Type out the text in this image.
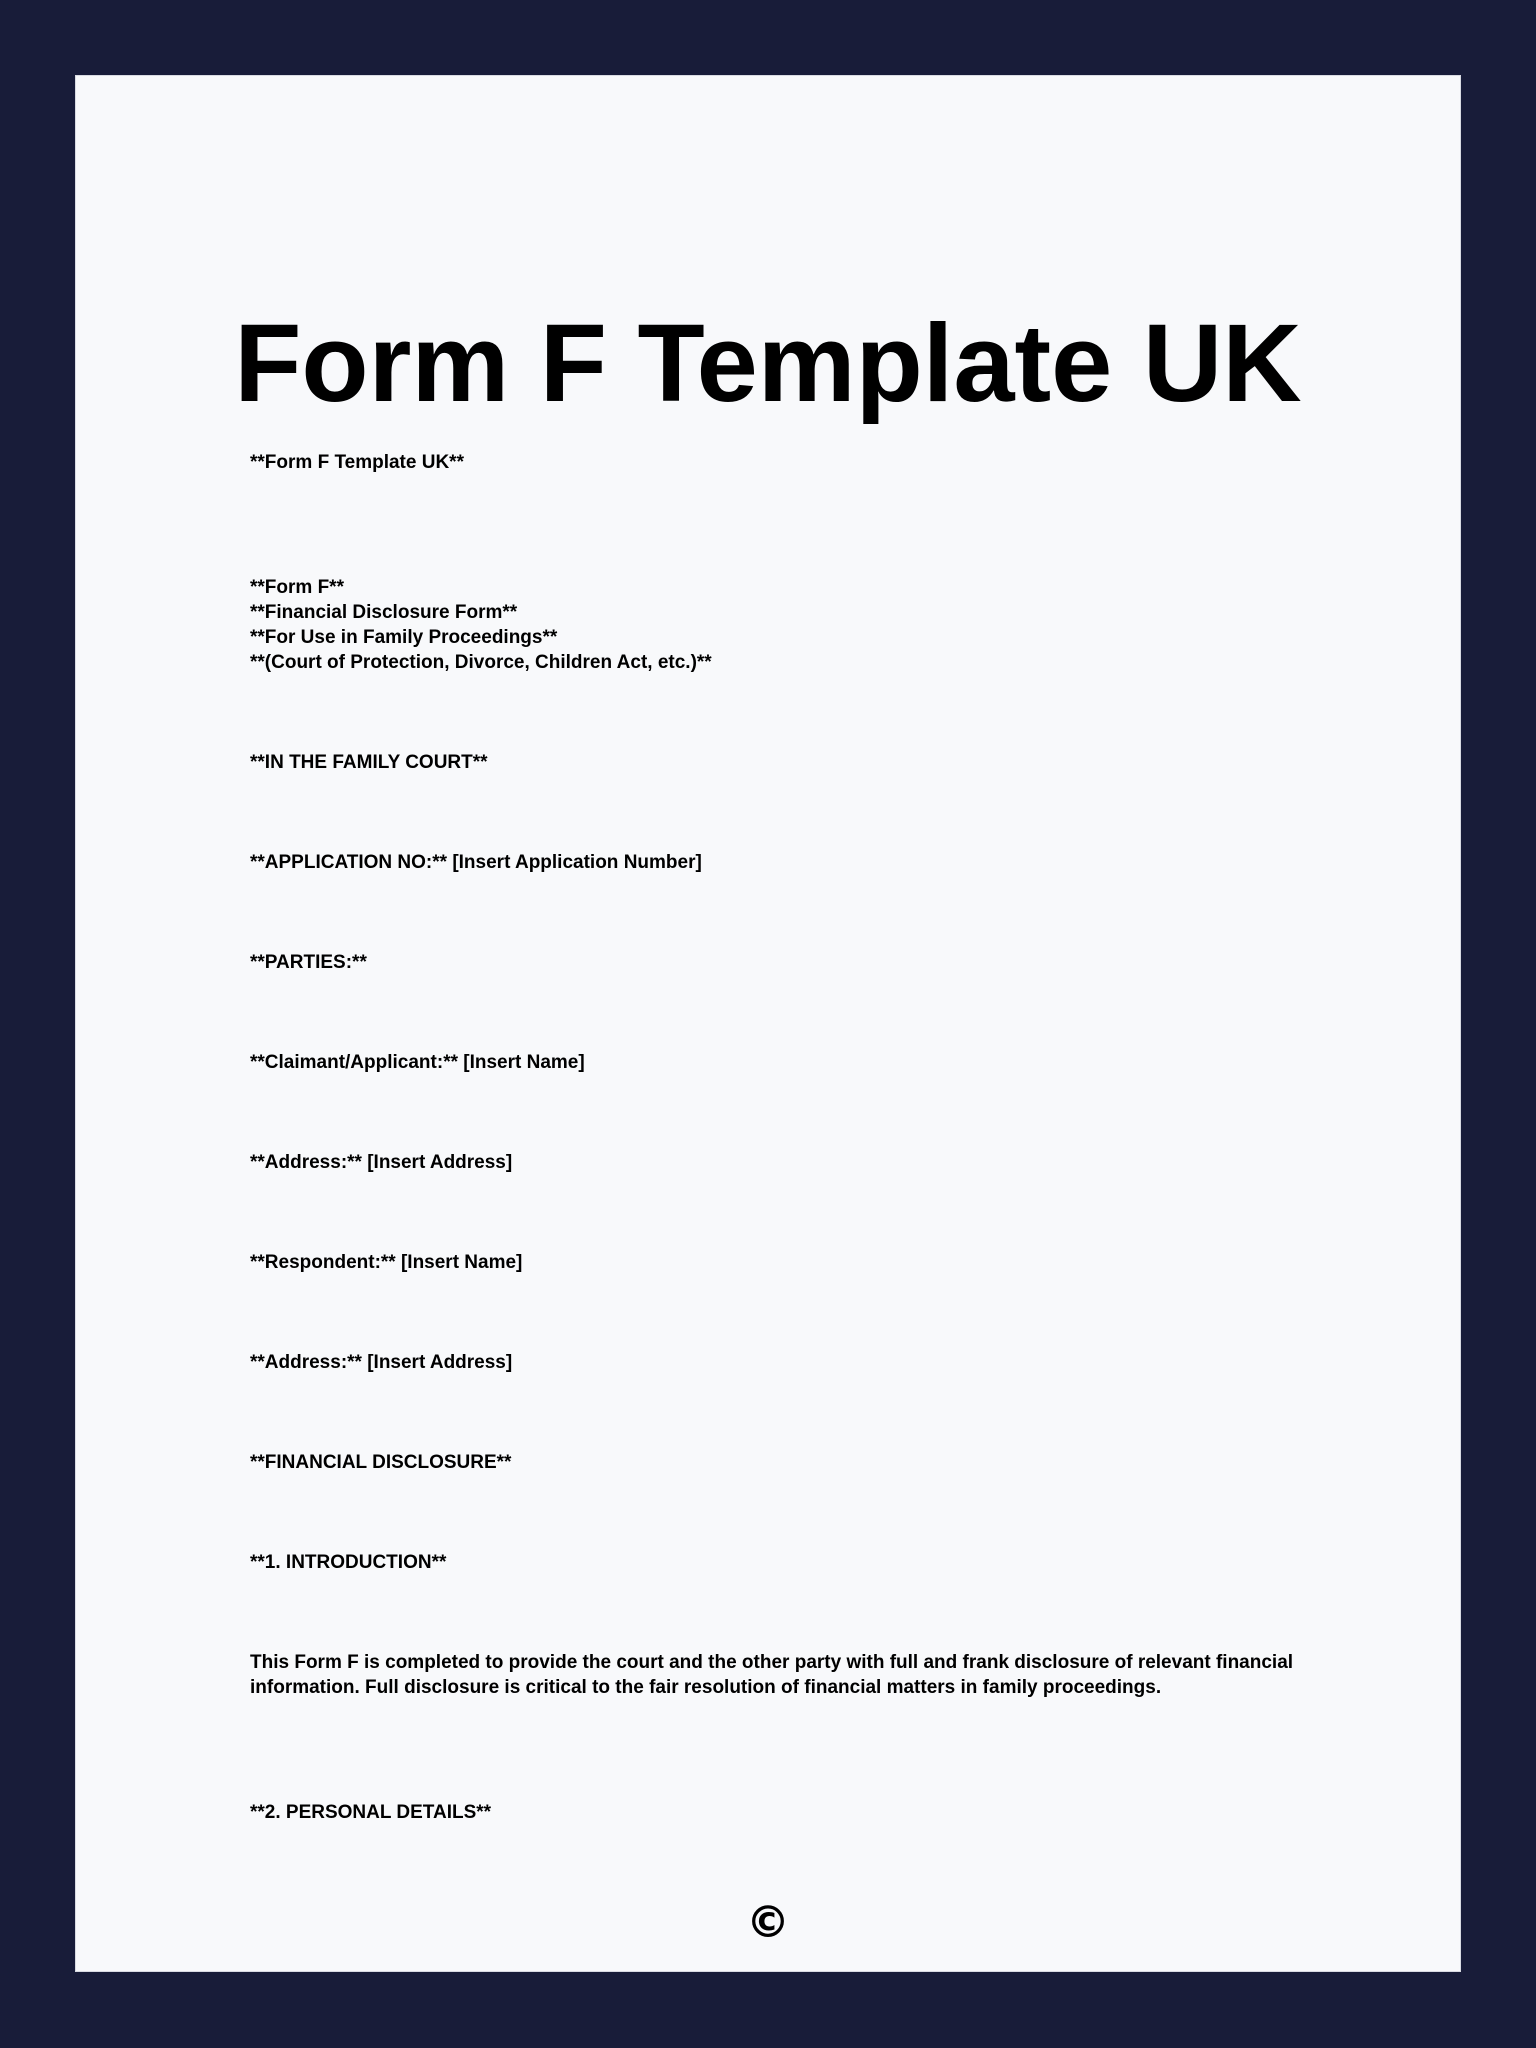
Form F Template UK

**Form F Template UK**

**Form F**
**Financial Disclosure Form**
**For Use in Family Proceedings**
**(Court of Protection, Divorce, Children Act, etc.)**

**IN THE FAMILY COURT**

**APPLICATION NO:** [Insert Application Number]

**PARTIES:**

**Claimant/Applicant:** [Insert Name]

**Address:** [Insert Address]

**Respondent:** [Insert Name]

**Address:** [Insert Address]

**FINANCIAL DISCLOSURE**

**1. INTRODUCTION**

This Form F is completed to provide the court and the other party with full and frank disclosure of relevant financial information. Full disclosure is critical to the fair resolution of financial matters in family proceedings.

**2. PERSONAL DETAILS**

©
